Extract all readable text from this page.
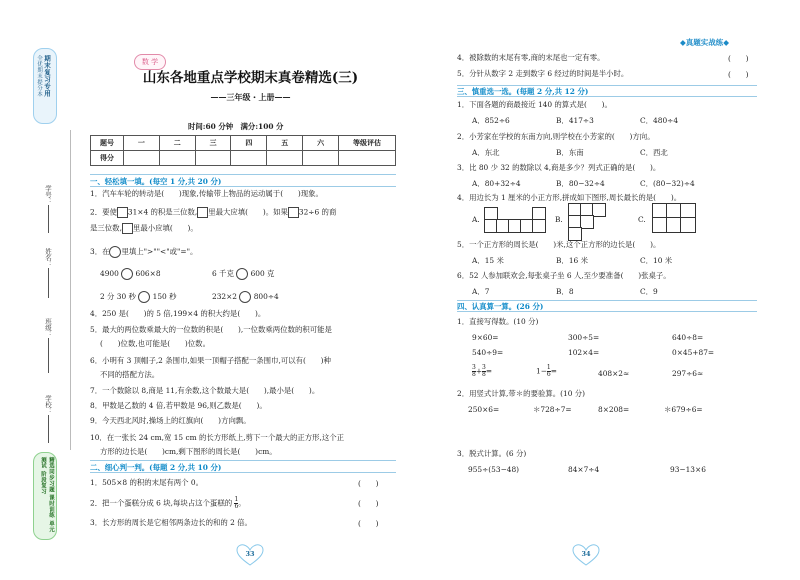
期末复习专用
全优期末提分本
精选同步习题 课时训练 单元测试 阶段复习
学号：
姓名：
班级：
学校：
数 学
山东各地重点学校期末真卷精选(三)
——三年级・上册——
时间:60 分钟　满分:100 分
◆真题实战练◆
题号	一	二	三	四	五	六	等级评估
得分							
一、轻松填一填。(每空 1 分,共 20 分)
1．汽车车轮的转动是(　　)现象,传输带上物品的运动属于(　　)现象。
2．要使 31×4 的积是三位数, 里最大应填(　　)。如果 32÷6 的商
是三位数, 里最小应填(　　)。
3．在 里填上">""<"或"="。
4900 606×8	6 千克 600 克
2 分 30 秒 150 秒	232×2 800÷4
4．250 是(　　)的 5 倍,199×4 的积大约是(　　)。
5．最大的两位数乘最大的一位数的积是(　　),一位数乘两位数的积可能是
(　　)位数,也可能是(　　)位数。
6．小明有 3 顶帽子,2 条围巾,如果一顶帽子搭配一条围巾,可以有(　　)种
不同的搭配方法。
7．一个数除以 8,商是 11,有余数,这个数最大是(　　),最小是(　　)。
8．甲数是乙数的 4 倍,若甲数是 96,则乙数是(　　)。
9．今天西北风时,操场上的红旗向(　　)方向飘。
10．在一张长 24 cm,宽 15 cm 的长方形纸上,剪下一个最大的正方形,这个正
方形的边长是(　　)cm,剩下图形的周长是(　　)cm。
二、细心判一判。(每题 2 分,共 10 分)
1．505×8 的积的末尾有两个 0。	(　　)
2．把一个蛋糕分成 6 块,每块占这个蛋糕的 $\frac{1}{6}$ 。	(　　)
3．长方形的周长是它相邻两条边长的和的 2 倍。	(　　)
33
4．被除数的末尾有零,商的末尾也一定有零。	(　　)
5．分针从数字 2 走到数字 6 经过的时间是半小时。	(　　)
三、慎重选一选。(每题 2 分,共 12 分)
1．下面各题的商最接近 140 的算式是(　　)。
A．852÷6	B．417÷3	C．480÷4
2．小芳家在学校的东南方向,则学校在小芳家的(　　)方向。
A．东北	B．东南	C．西北
3．比 80 少 32 的数除以 4,商是多少？列式正确的是(　　)。
A．80+32÷4	B．80−32÷4	C．(80−32)÷4
4．用边长为 1 厘米的小正方形,拼成如下图形,周长最长的是(　　)。
A.	B.	C.
5．一个正方形的周长是(　　)米,这个正方形的边长是(　　)。
A．15 米	B．16 米	C．10 米
6．52 人参加联欢会,每张桌子坐 6 人,至少要准备(　　)张桌子。
A．7	B．8	C．9
四、认真算一算。(26 分)
1．直接写得数。(10 分)
9×60=	300÷5=	640÷8=
540÷9=	102×4=	0×45+87=
$\frac{3}{8} + \frac{3}{8}$ =	$1- \frac{1}{6}$ =	408×2≈	297÷6≈
2．用竖式计算,带＊的要验算。(10 分)
250×6=	＊728÷7=	8×208=	＊679÷6=
3．脱式计算。(6 分)
955÷(53−48)	84×7÷4	93−13×6
34
